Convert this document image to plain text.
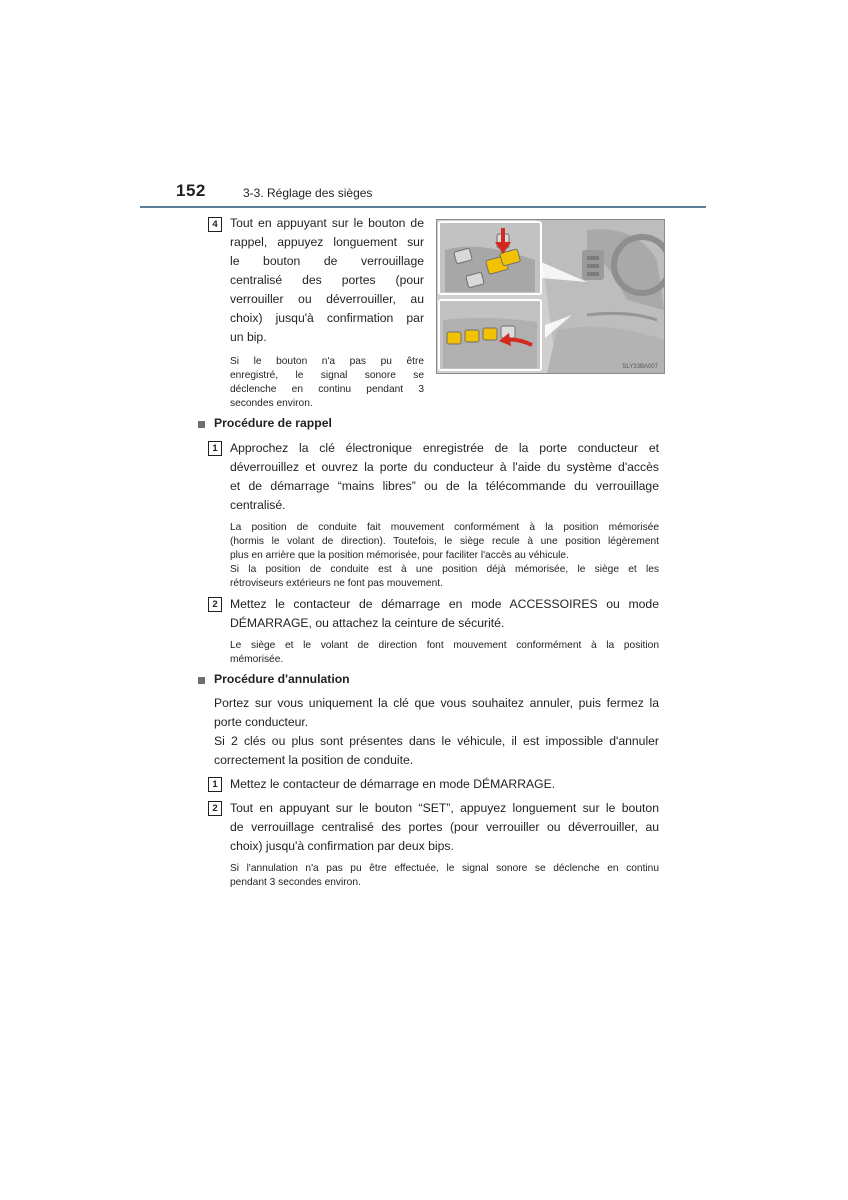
152	3-3. Réglage des sièges
4	Tout en appuyant sur le bouton de
rappel, appuyez longuement sur
le bouton de verrouillage
centralisé des portes (pour
verrouiller ou déverrouiller, au
choix) jusqu'à confirmation par
un bip.
Si le bouton n'a pas pu être
enregistré, le signal sonore se
déclenche en continu pendant 3
secondes environ.
SLY33BA007
Procédure de rappel
1	Approchez la clé électronique enregistrée de la porte conducteur et
déverrouillez et ouvrez la porte du conducteur à l'aide du système d'accès
et de démarrage “mains libres” ou de la télécommande du verrouillage
centralisé.
La position de conduite fait mouvement conformément à la position mémorisée
(hormis le volant de direction). Toutefois, le siège recule à une position légèrement
plus en arrière que la position mémorisée, pour faciliter l'accès au véhicule.
Si la position de conduite est à une position déjà mémorisée, le siège et les
rétroviseurs extérieurs ne font pas mouvement.
2	Mettez le contacteur de démarrage en mode ACCESSOIRES ou mode
DÉMARRAGE, ou attachez la ceinture de sécurité.
Le siège et le volant de direction font mouvement conformément à la position
mémorisée.
Procédure d'annulation
Portez sur vous uniquement la clé que vous souhaitez annuler, puis fermez la
porte conducteur.
Si 2 clés ou plus sont présentes dans le véhicule, il est impossible d'annuler
correctement la position de conduite.
1	Mettez le contacteur de démarrage en mode DÉMARRAGE.
2	Tout en appuyant sur le bouton “SET”, appuyez longuement sur le bouton
de verrouillage centralisé des portes (pour verrouiller ou déverrouiller, au
choix) jusqu'à confirmation par deux bips.
Si l'annulation n'a pas pu être effectuée, le signal sonore se déclenche en continu
pendant 3 secondes environ.
